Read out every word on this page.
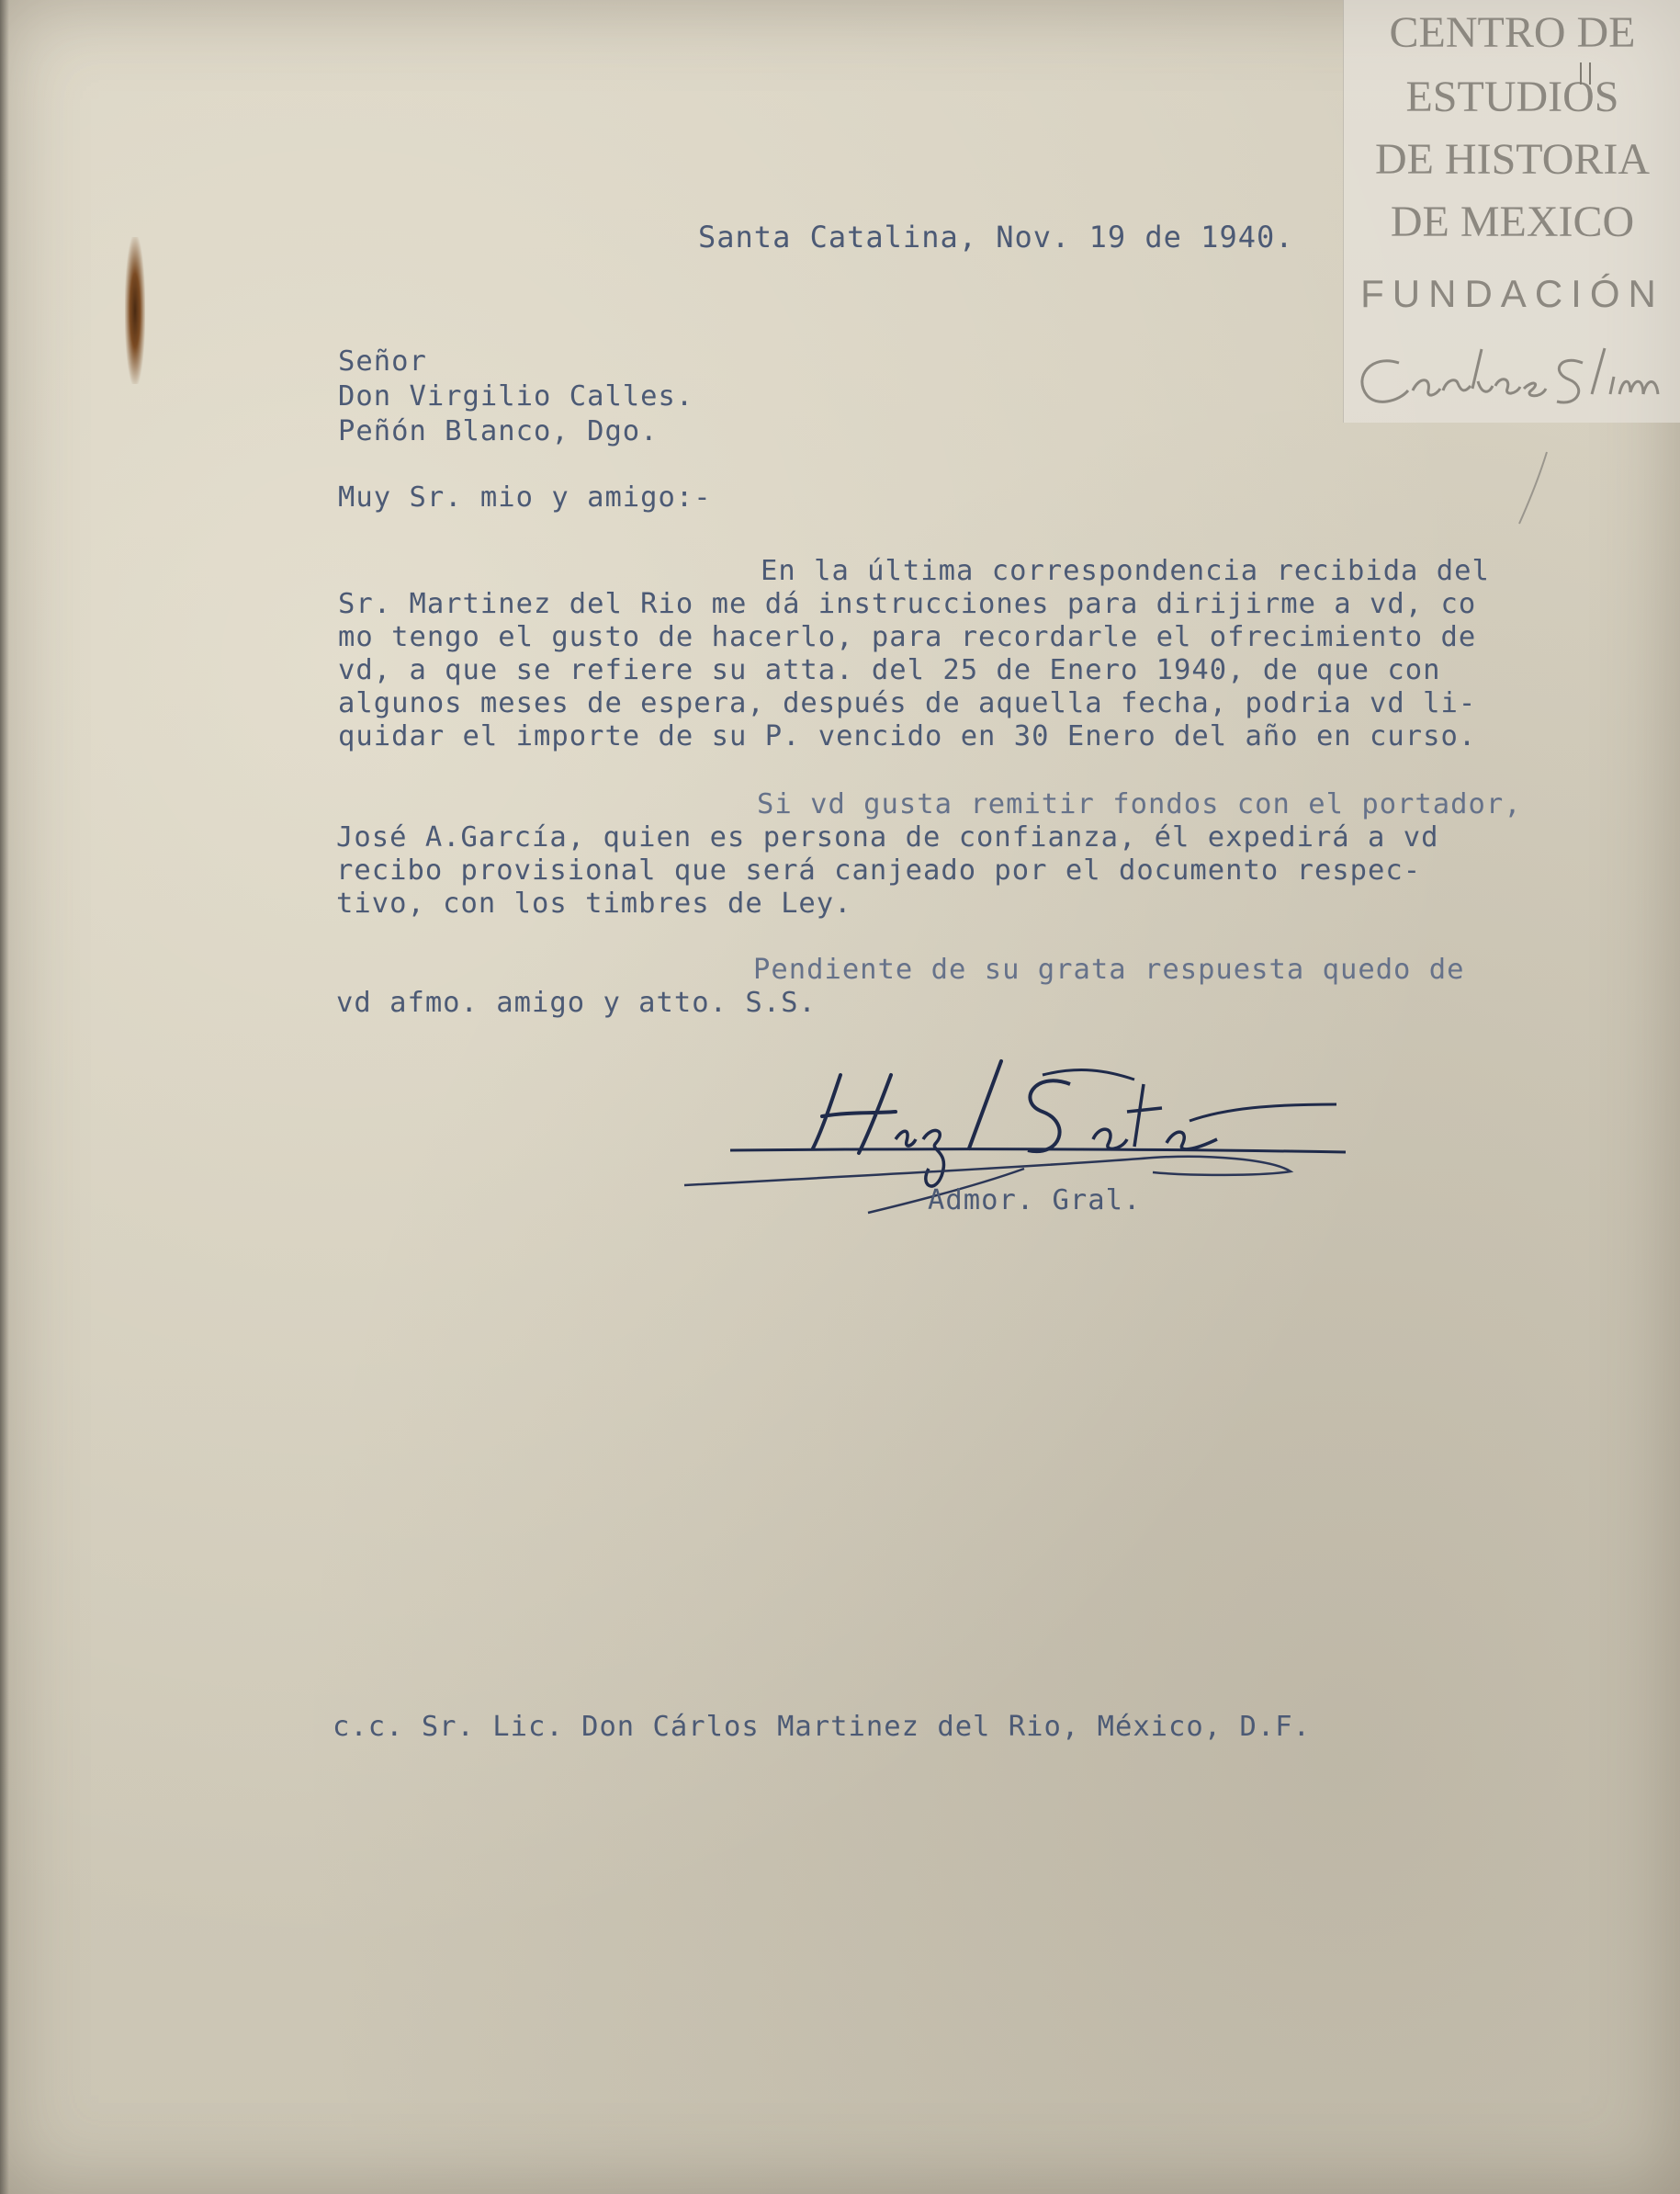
CENTRO DE
ESTUDIOS
DE HISTORIA
DE MEXICO
FUNDACIÓN
Santa Catalina, Nov. 19 de 1940.
Señor
Don Virgilio Calles.
Peñón Blanco, Dgo.
Muy Sr. mio y amigo:-
En la última correspondencia recibida del
Sr. Martinez del Rio me dá instrucciones para dirijirme a vd, co
mo tengo el gusto de hacerlo, para recordarle el ofrecimiento de
vd, a que se refiere su atta. del 25 de Enero 1940, de que con
algunos meses de espera, después de aquella fecha, podria vd li-
quidar el importe de su P. vencido en 30 Enero del año en curso.
Si vd gusta remitir fondos con el portador,
José A.García, quien es persona de confianza, él expedirá a vd
recibo provisional que será canjeado por el documento respec-
tivo, con los timbres de Ley.
Pendiente de su grata respuesta quedo de
vd afmo. amigo y atto. S.S.
Admor. Gral.
c.c. Sr. Lic. Don Cárlos Martinez del Rio, México, D.F.
